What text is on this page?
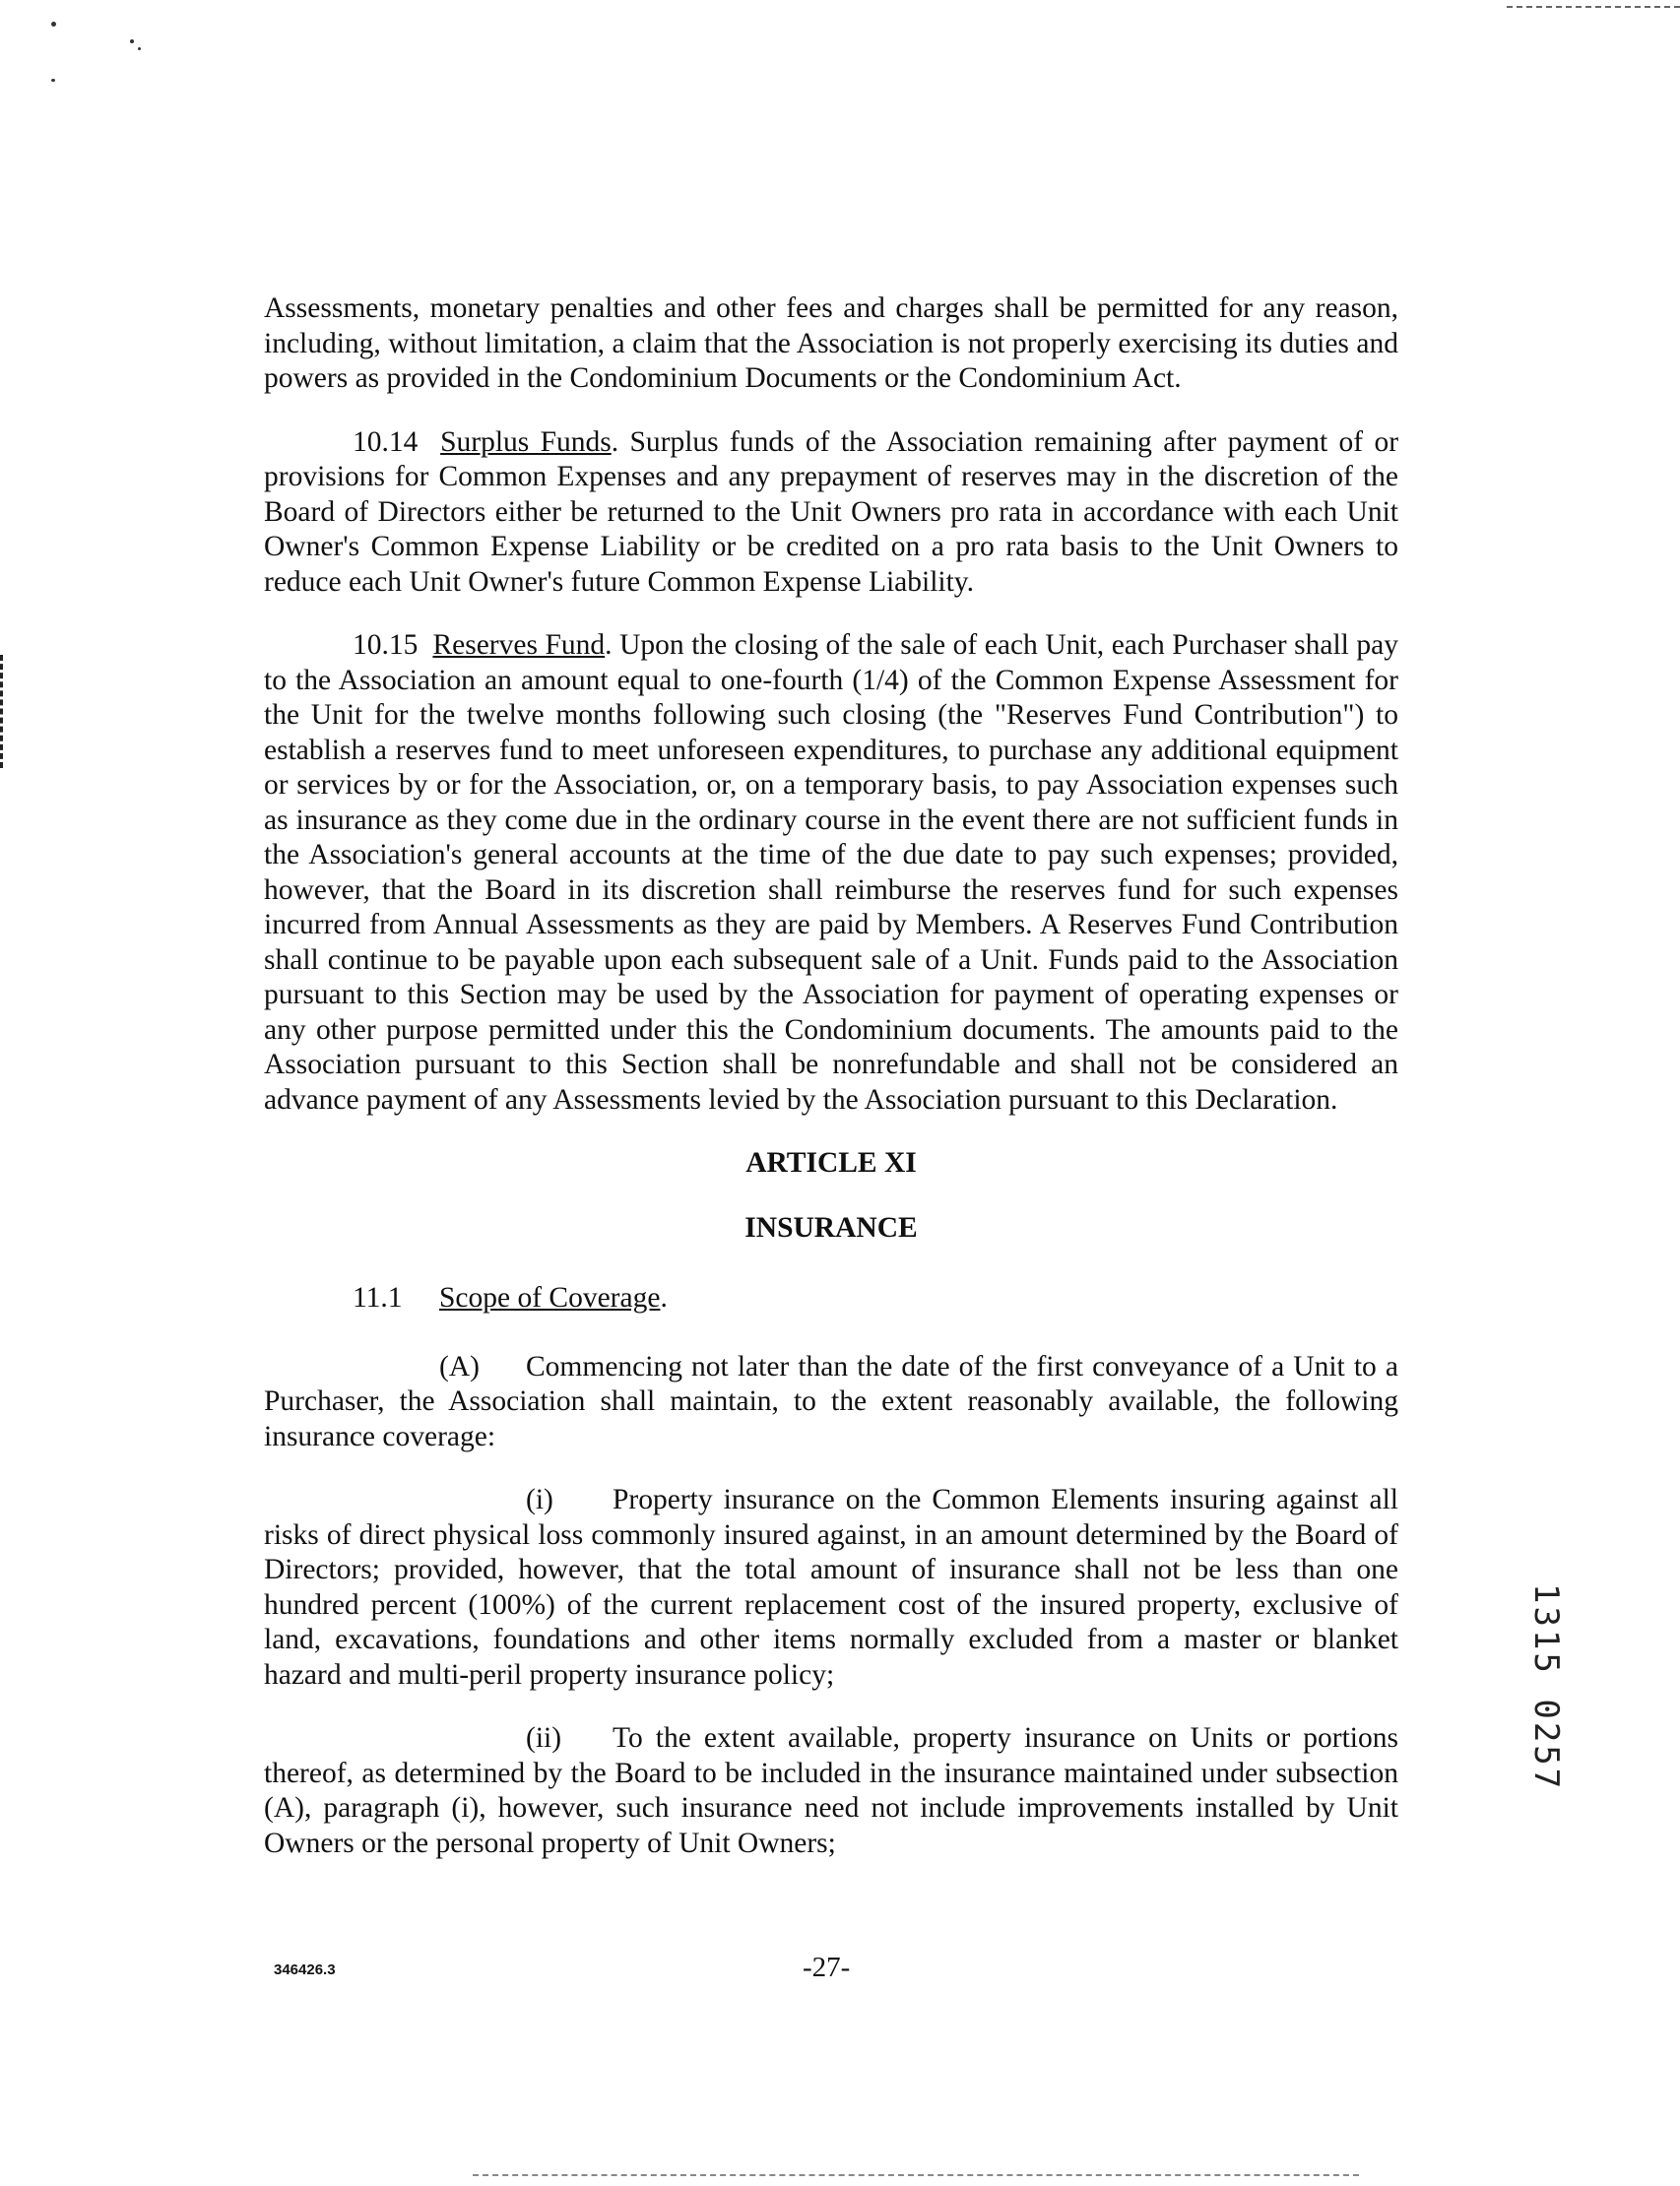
Assessments, monetary penalties and other fees and charges shall be permitted for any reason, including, without limitation, a claim that the Association is not properly exercising its duties and powers as provided in the Condominium Documents or the Condominium Act.

10.14 Surplus Funds. Surplus funds of the Association remaining after payment of or provisions for Common Expenses and any prepayment of reserves may in the discretion of the Board of Directors either be returned to the Unit Owners pro rata in accordance with each Unit Owner's Common Expense Liability or be credited on a pro rata basis to the Unit Owners to reduce each Unit Owner's future Common Expense Liability.

10.15 Reserves Fund. Upon the closing of the sale of each Unit, each Purchaser shall pay to the Association an amount equal to one-fourth (1/4) of the Common Expense Assessment for the Unit for the twelve months following such closing (the "Reserves Fund Contribution") to establish a reserves fund to meet unforeseen expenditures, to purchase any additional equipment or services by or for the Association, or, on a temporary basis, to pay Association expenses such as insurance as they come due in the ordinary course in the event there are not sufficient funds in the Association's general accounts at the time of the due date to pay such expenses; provided, however, that the Board in its discretion shall reimburse the reserves fund for such expenses incurred from Annual Assessments as they are paid by Members. A Reserves Fund Contribution shall continue to be payable upon each subsequent sale of a Unit. Funds paid to the Association pursuant to this Section may be used by the Association for payment of operating expenses or any other purpose permitted under this the Condominium documents. The amounts paid to the Association pursuant to this Section shall be nonrefundable and shall not be considered an advance payment of any Assessments levied by the Association pursuant to this Declaration.

ARTICLE XI

INSURANCE

11.1 Scope of Coverage.

(A) Commencing not later than the date of the first conveyance of a Unit to a Purchaser, the Association shall maintain, to the extent reasonably available, the following insurance coverage:

(i) Property insurance on the Common Elements insuring against all risks of direct physical loss commonly insured against, in an amount determined by the Board of Directors; provided, however, that the total amount of insurance shall not be less than one hundred percent (100%) of the current replacement cost of the insured property, exclusive of land, excavations, foundations and other items normally excluded from a master or blanket hazard and multi-peril property insurance policy;

(ii) To the extent available, property insurance on Units or portions thereof, as determined by the Board to be included in the insurance maintained under subsection (A), paragraph (i), however, such insurance need not include improvements installed by Unit Owners or the personal property of Unit Owners;

346426.3	-27-
1315 0257
